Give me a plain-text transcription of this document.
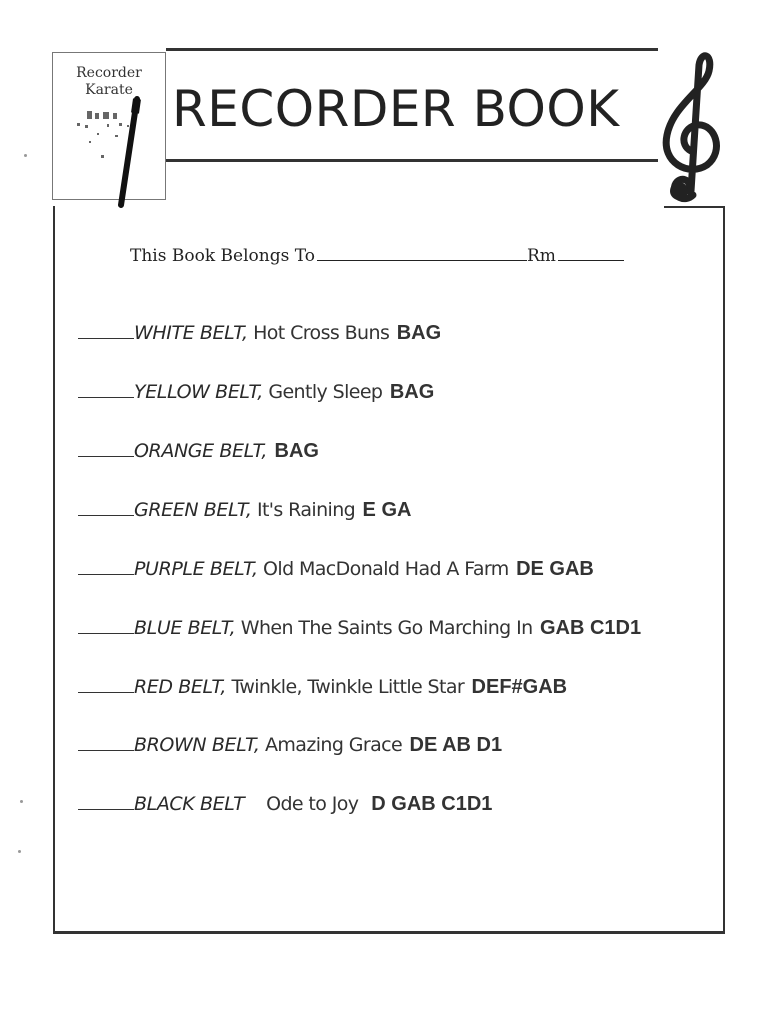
RECORDER BOOK
Recorder
Karate
This Book Belongs To	Rm
WHITE BELT, Hot Cross Buns BAG
YELLOW BELT, Gently Sleep BAG
ORANGE BELT, BAG
GREEN BELT, It's Raining E GA
PURPLE BELT, Old MacDonald Had A Farm DE GAB
BLUE BELT, When The Saints Go Marching In GAB C1D1
RED BELT, Twinkle, Twinkle Little Star DEF#GAB
BROWN BELT, Amazing Grace DE AB D1
BLACK BELT    Ode to Joy  D GAB C1D1
